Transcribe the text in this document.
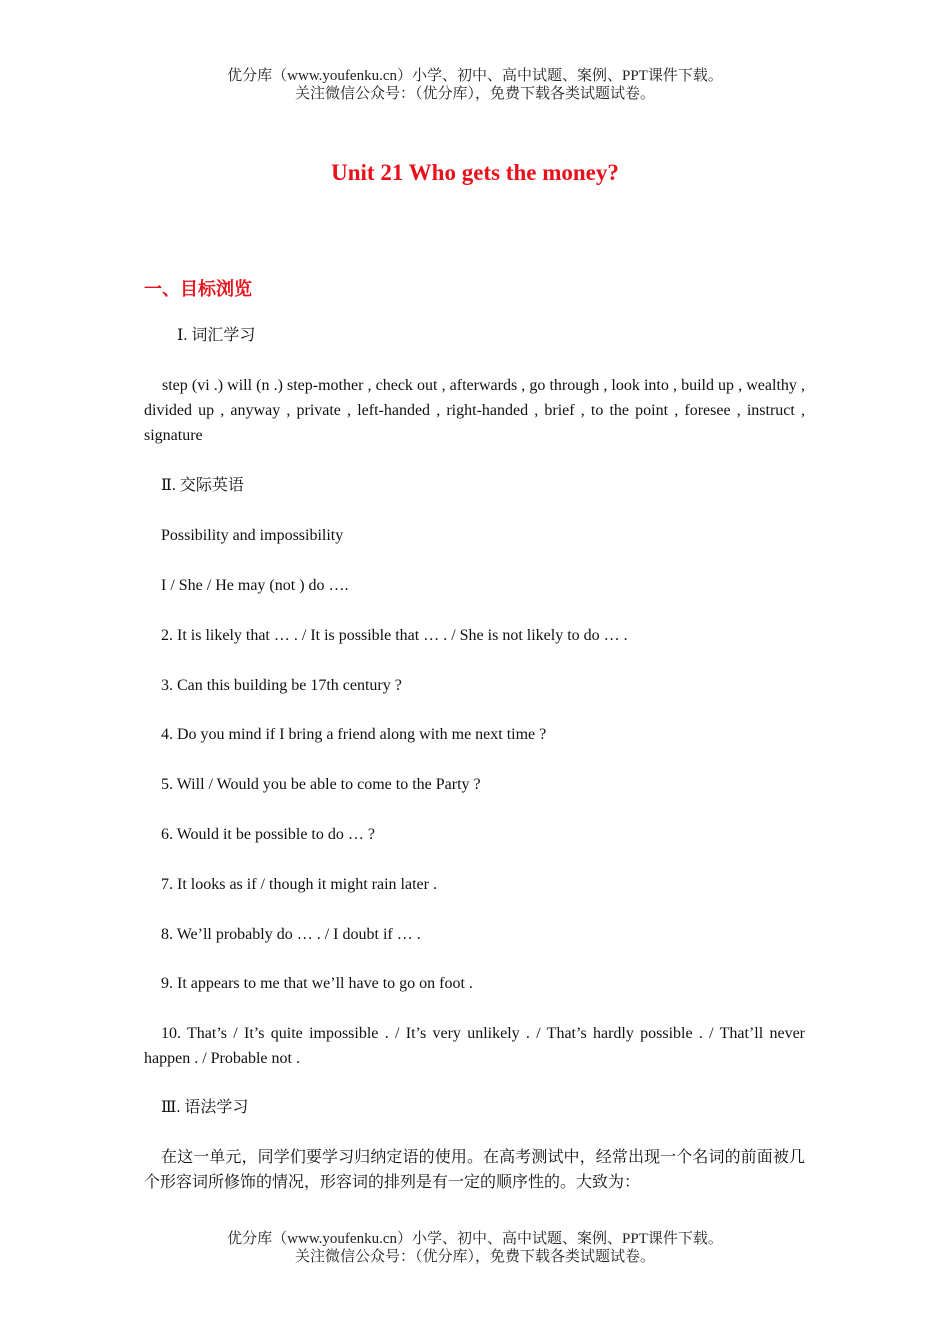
优分库（www.youfenku.cn）小学、初中、高中试题、案例、PPT课件下载。
关注微信公众号：（优分库），免费下载各类试题试卷。
Unit 21 Who gets the money?
一、目标浏览
Ⅰ. 词汇学习
step (vi .) will (n .) step-mother , check out , afterwards , go through , look into , build up , wealthy , divided up , anyway , private , left-handed , right-handed , brief , to the point , foresee , instruct , signature
Ⅱ. 交际英语
Possibility and impossibility
I / She / He may (not ) do ….
2. It is likely that … . / It is possible that … . / She is not likely to do … .
3. Can this building be 17th century ?
4. Do you mind if I bring a friend along with me next time ?
5. Will / Would you be able to come to the Party ?
6. Would it be possible to do … ?
7. It looks as if / though it might rain later .
8. We’ll probably do … . / I doubt if … .
9. It appears to me that we’ll have to go on foot .
10. That’s / It’s quite impossible . / It’s very unlikely . / That’s hardly possible . / That’ll never happen . / Probable not .
Ⅲ. 语法学习
在这一单元，同学们要学习归纳定语的使用。在高考测试中，经常出现一个名词的前面被几个形容词所修饰的情况，形容词的排列是有一定的顺序性的。大致为：
优分库（www.youfenku.cn）小学、初中、高中试题、案例、PPT课件下载。
关注微信公众号：（优分库），免费下载各类试题试卷。
